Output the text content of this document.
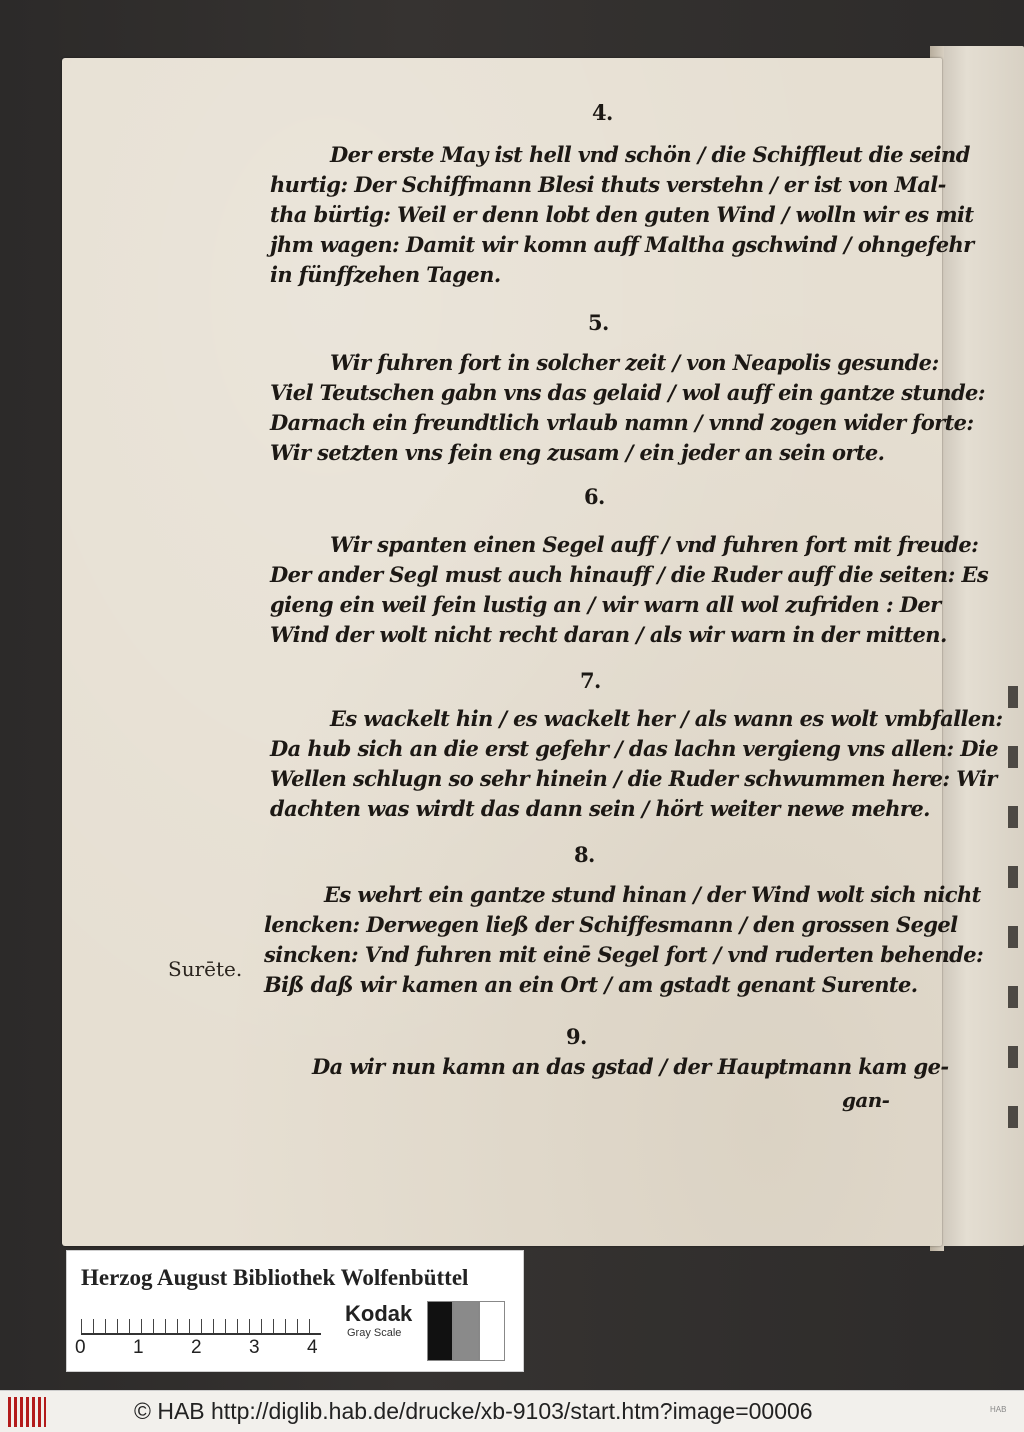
4.
Der erste May ist hell vnd schön / die Schiffleut die seind
hurtig: Der Schiffmann Blesi thuts verstehn / er ist von Mal-
tha bürtig: Weil er denn lobt den guten Wind / wolln wir es mit
jhm wagen: Damit wir komn auff Maltha gschwind / ohngefehr
in fünffzehen Tagen.
5.
Wir fuhren fort in solcher zeit / von Neapolis gesunde:
Viel Teutschen gabn vns das gelaid / wol auff ein gantze stunde:
Darnach ein freundtlich vrlaub namn / vnnd zogen wider forte:
Wir setzten vns fein eng zusam / ein jeder an sein orte.
6.
Wir spanten einen Segel auff / vnd fuhren fort mit freude:
Der ander Segl must auch hinauff / die Ruder auff die seiten: Es
gieng ein weil fein lustig an / wir warn all wol zufriden : Der
Wind der wolt nicht recht daran / als wir warn in der mitten.
7.
Es wackelt hin / es wackelt her / als wann es wolt vmbfallen:
Da hub sich an die erst gefehr / das lachn vergieng vns allen: Die
Wellen schlugn so sehr hinein / die Ruder schwummen here: Wir
dachten was wirdt das dann sein / hört weiter newe mehre.
8.
Es wehrt ein gantze stund hinan / der Wind wolt sich nicht
lencken: Derwegen ließ der Schiffesmann / den grossen Segel
sincken: Vnd fuhren mit einē Segel fort / vnd ruderten behende:
Biß daß wir kamen an ein Ort / am gstadt genant Surente.
9.
Da wir nun kamn an das gstad / der Hauptmann kam ge-
gan-
Surēte.
Herzog August Bibliothek Wolfenbüttel
0 1 2 3 4
Kodak
Gray Scale
© HAB http://diglib.hab.de/drucke/xb-9103/start.htm?image=00006	HAB
